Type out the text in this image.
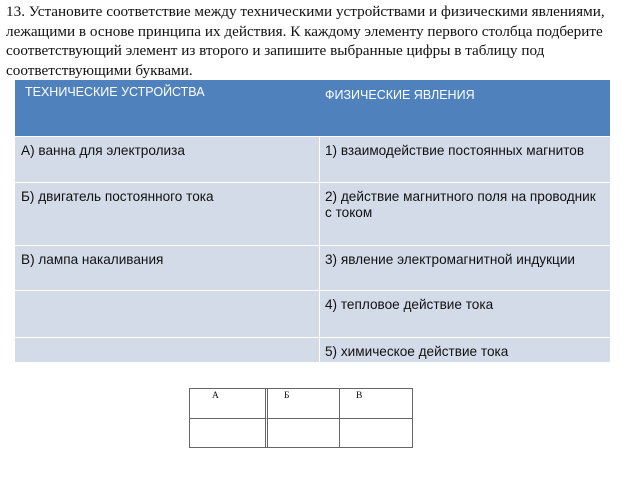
13. Установите соответствие между техническими устройствами и физическими явлениями, лежащими в основе принципа их действия. К каждому элементу первого столбца подберите соответствующий элемент из второго и запишите выбранные цифры в таблицу под соответствующими буквами.

ТЕХНИЧЕСКИЕ УСТРОЙСТВА	ФИЗИЧЕСКИЕ ЯВЛЕНИЯ
А) ванна для электролиза	1) взаимодействие постоянных магнитов
Б) двигатель постоянного тока	2) действие магнитного поля на проводник с током
В) лампа накаливания	3) явление электромагнитной индукции
	4) тепловое действие тока
	5) химическое действие тока
А	Б	В
